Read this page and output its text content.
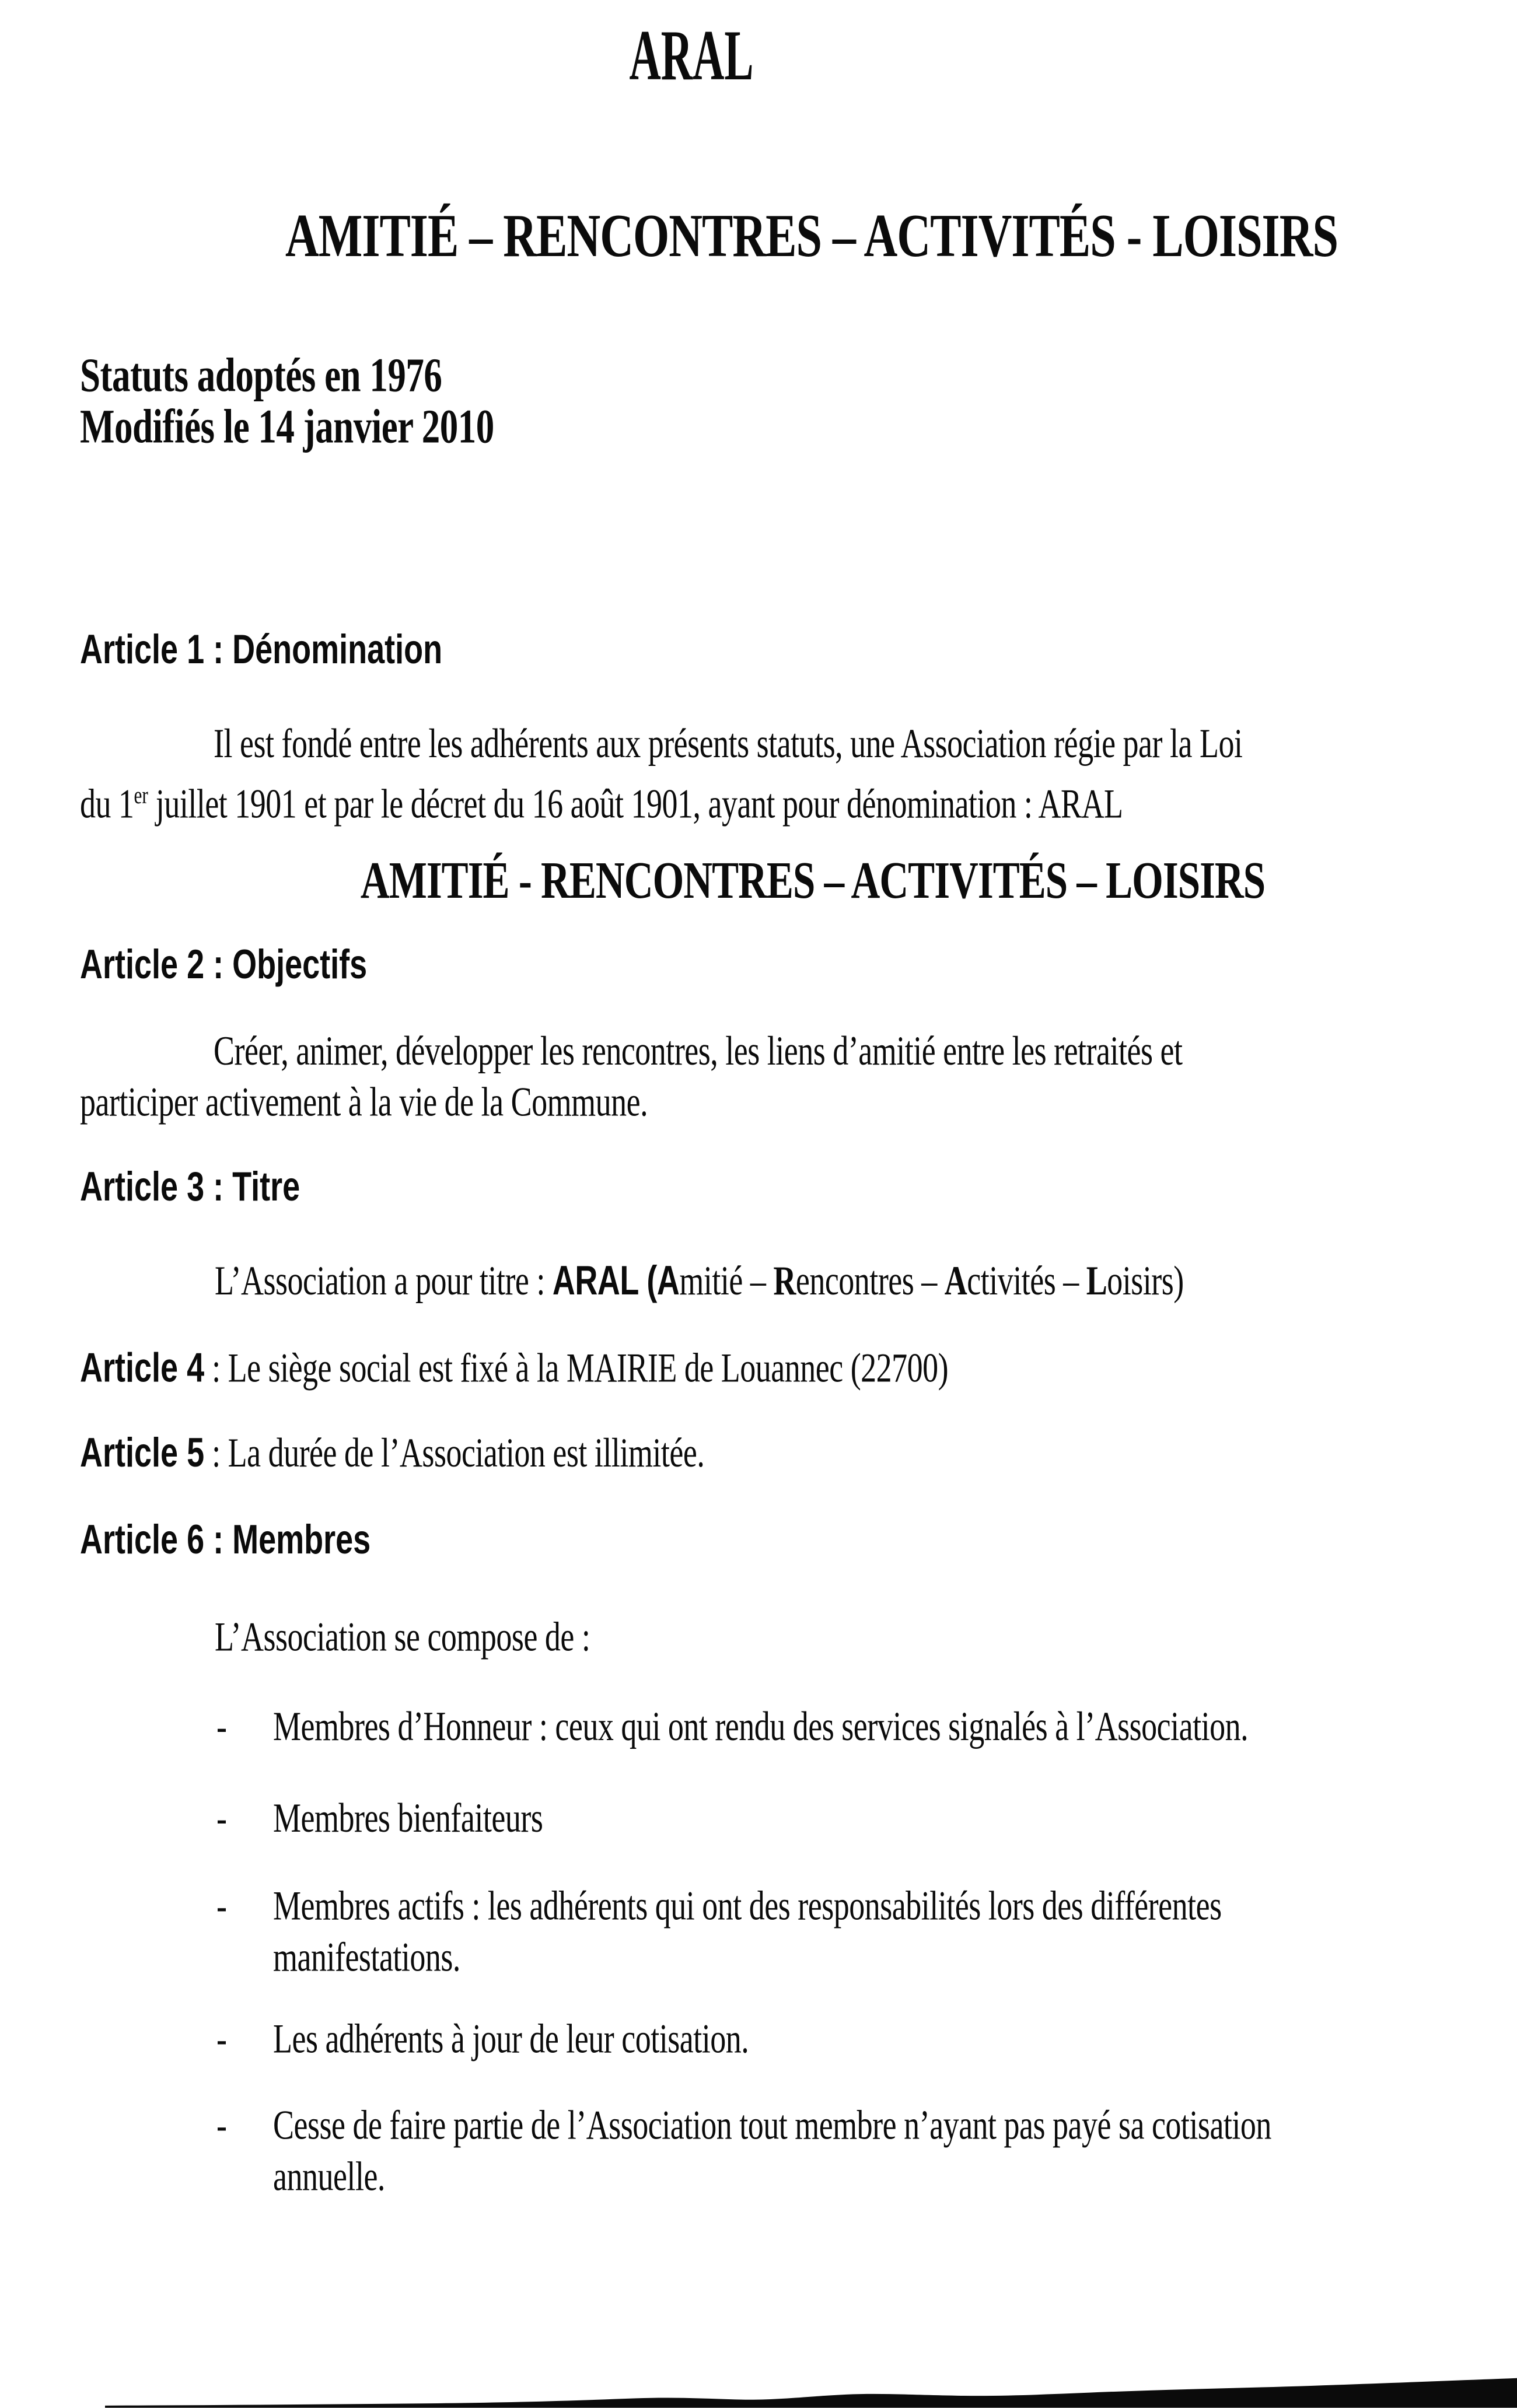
ARAL
AMITIÉ – RENCONTRES – ACTIVITÉS - LOISIRS
Statuts adoptés en 1976
Modifiés le 14 janvier 2010
Article 1 : Dénomination
Il est fondé entre les adhérents aux présents statuts, une Association régie par la Loi
du 1er juillet 1901 et par le décret du 16 août 1901, ayant pour dénomination : ARAL
AMITIÉ - RENCONTRES – ACTIVITÉS – LOISIRS
Article 2 : Objectifs
Créer, animer, développer les rencontres, les liens d’amitié entre les retraités et
participer activement à la vie de la Commune.
Article 3 : Titre
L’Association a pour titre : ARAL (Amitié – Rencontres – Activités – Loisirs)
Article 4 : Le siège social est fixé à la MAIRIE de Louannec (22700)
Article 5 : La durée de l’Association est illimitée.
Article 6 : Membres
L’Association se compose de :
- Membres d’Honneur : ceux qui ont rendu des services signalés à l’Association.
- Membres bienfaiteurs
- Membres actifs : les adhérents qui ont des responsabilités lors des différentes
manifestations.
- Les adhérents à jour de leur cotisation.
- Cesse de faire partie de l’Association tout membre n’ayant pas payé sa cotisation
annuelle.
